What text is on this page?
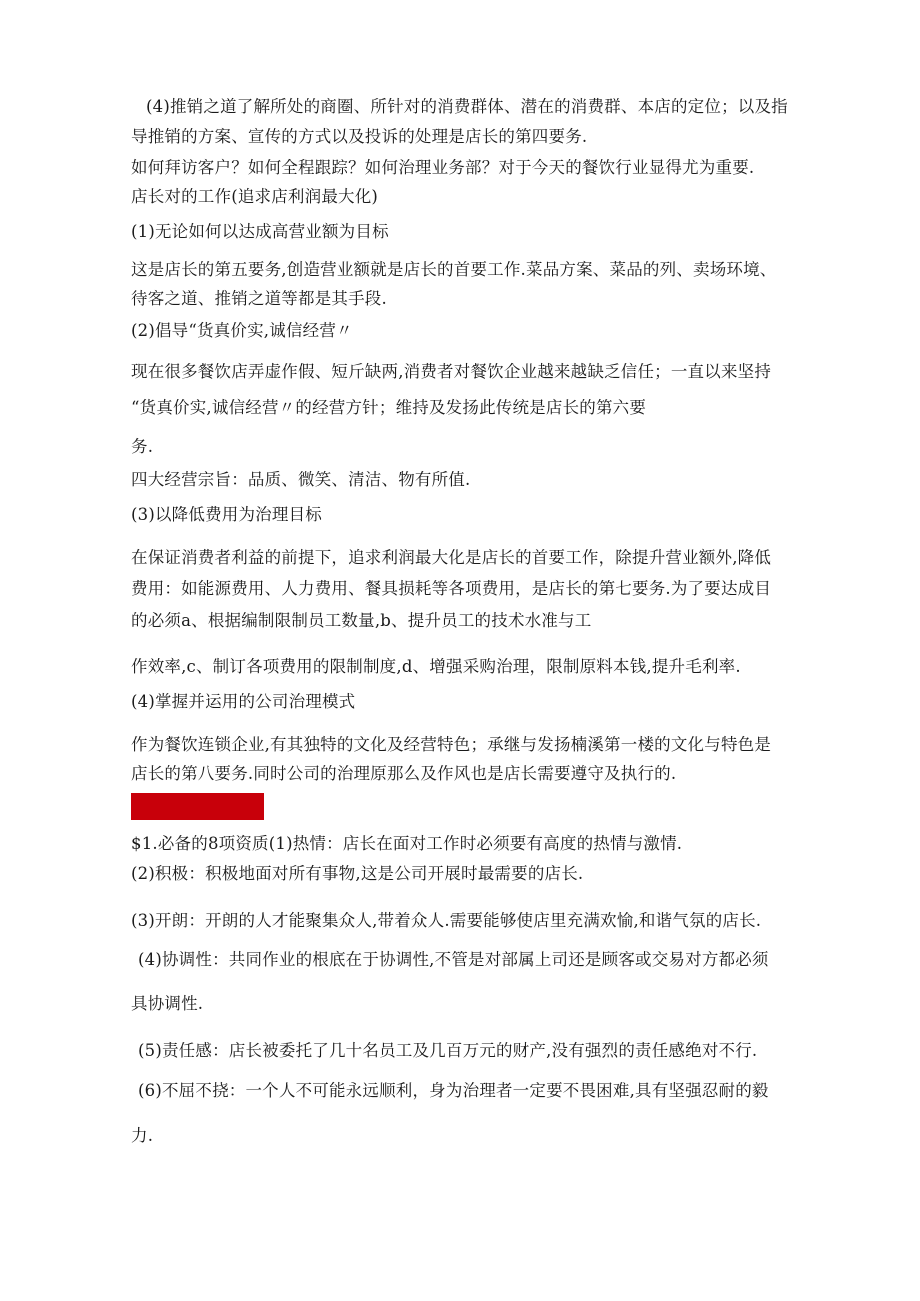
(4)推销之道了解所处的商圈、所针对的消费群体、潜在的消费群、本店的定位；以及指

导推销的方案、宣传的方式以及投诉的处理是店长的第四要务.

如何拜访客户？如何全程跟踪？如何治理业务部？对于今天的餐饮行业显得尤为重要.

店长对的工作(追求店利润最大化)

(1)无论如何以达成高营业额为目标

这是店长的第五要务,创造营业额就是店长的首要工作.菜品方案、菜品的列、卖场环境、

待客之道、推销之道等都是其手段.

(2)倡导“货真价实,诚信经营〃

现在很多餐饮店弄虚作假、短斤缺两,消费者对餐饮企业越来越缺乏信任；一直以来坚持

“货真价实,诚信经营〃的经营方针；维持及发扬此传统是店长的第六要

务.

四大经营宗旨：品质、微笑、清洁、物有所值.

(3)以降低费用为治理目标

在保证消费者利益的前提下，追求利润最大化是店长的首要工作，除提升营业额外,降低

费用：如能源费用、人力费用、餐具损耗等各项费用，是店长的第七要务.为了要达成目

的必须a、根据编制限制员工数量,b、提升员工的技术水准与工

作效率,c、制订各项费用的限制制度,d、增强采购治理，限制原料本钱,提升毛利率.

(4)掌握并运用的公司治理模式

作为餐饮连锁企业,有其独特的文化及经营特色；承继与发扬楠溪第一楼的文化与特色是

店长的第八要务.同时公司的治理原那么及作风也是店长需要遵守及执行的.

$1.必备的8项资质(1)热情：店长在面对工作时必须要有高度的热情与激情.

(2)积极：积极地面对所有事物,这是公司开展时最需要的店长.

(3)开朗：开朗的人才能聚集众人,带着众人.需要能够使店里充满欢愉,和谐气氛的店长.

(4)协调性：共同作业的根底在于协调性,不管是对部属上司还是顾客或交易对方都必须

具协调性.

(5)责任感：店长被委托了几十名员工及几百万元的财产,没有强烈的责任感绝对不行.

(6)不屈不挠：一个人不可能永远顺利，身为治理者一定要不畏困难,具有坚强忍耐的毅

力.
